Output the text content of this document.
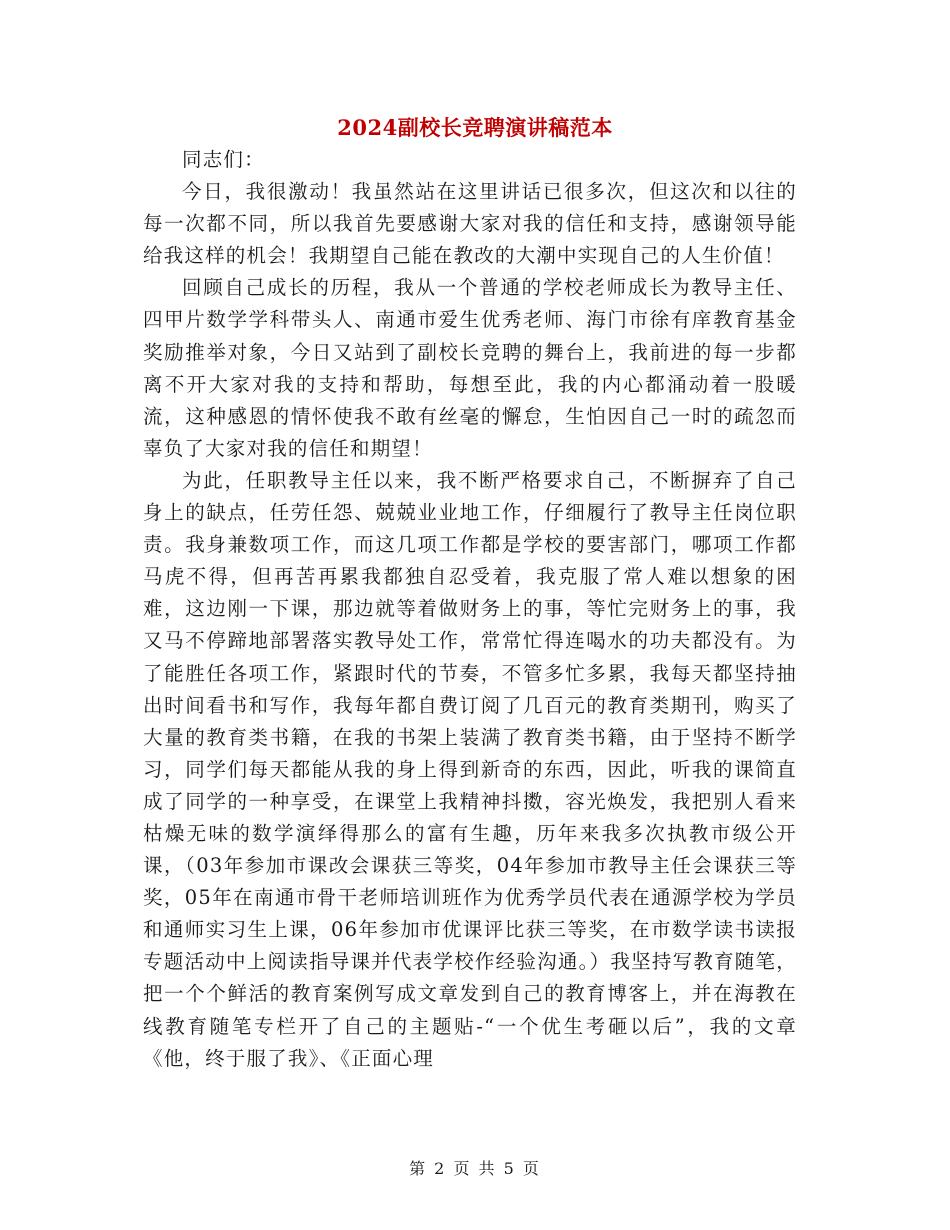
2024副校长竞聘演讲稿范本

同志们：

今日，我很激动！我虽然站在这里讲话已很多次，但这次和以往的每一次都不同，所以我首先要感谢大家对我的信任和支持，感谢领导能给我这样的机会！我期望自己能在教改的大潮中实现自己的人生价值！

回顾自己成长的历程，我从一个普通的学校老师成长为教导主任、四甲片数学学科带头人、南通市爱生优秀老师、海门市徐有庠教育基金奖励推举对象，今日又站到了副校长竞聘的舞台上，我前进的每一步都离不开大家对我的支持和帮助，每想至此，我的内心都涌动着一股暖流，这种感恩的情怀使我不敢有丝毫的懈怠，生怕因自己一时的疏忽而辜负了大家对我的信任和期望！

为此，任职教导主任以来，我不断严格要求自己，不断摒弃了自己身上的缺点，任劳任怨、兢兢业业地工作，仔细履行了教导主任岗位职责。我身兼数项工作，而这几项工作都是学校的要害部门，哪项工作都马虎不得，但再苦再累我都独自忍受着，我克服了常人难以想象的困难，这边刚一下课，那边就等着做财务上的事，等忙完财务上的事，我又马不停蹄地部署落实教导处工作，常常忙得连喝水的功夫都没有。为了能胜任各项工作，紧跟时代的节奏，不管多忙多累，我每天都坚持抽出时间看书和写作，我每年都自费订阅了几百元的教育类期刊，购买了大量的教育类书籍，在我的书架上装满了教育类书籍，由于坚持不断学习，同学们每天都能从我的身上得到新奇的东西，因此，听我的课简直成了同学的一种享受，在课堂上我精神抖擞，容光焕发，我把别人看来枯燥无味的数学演绎得那么的富有生趣，历年来我多次执教市级公开课，（03年参加市课改会课获三等奖，04年参加市教导主任会课获三等奖，05年在南通市骨干老师培训班作为优秀学员代表在通源学校为学员和通师实习生上课，06年参加市优课评比获三等奖，在市数学读书读报专题活动中上阅读指导课并代表学校作经验沟通。）我坚持写教育随笔，把一个个鲜活的教育案例写成文章发到自己的教育博客上，并在海教在线教育随笔专栏开了自己的主题贴-“一个优生考砸以后”，我的文章《他，终于服了我》、《正面心理

第 2 页 共 5 页
